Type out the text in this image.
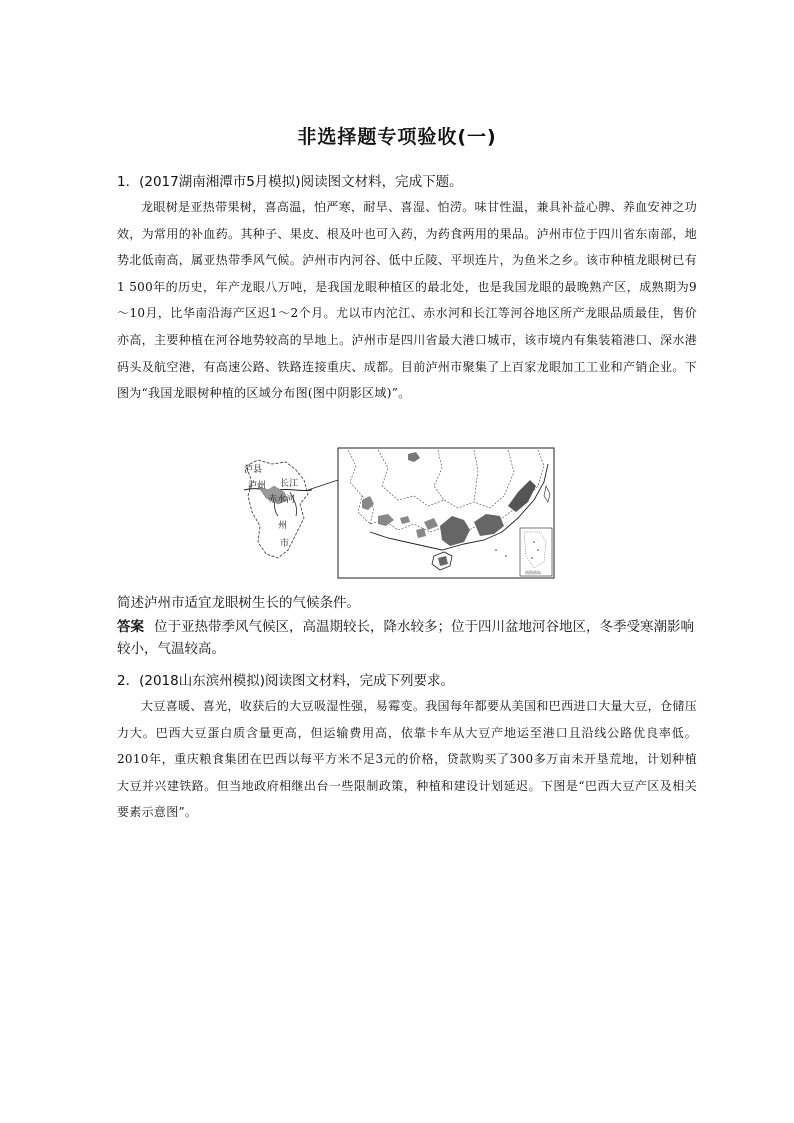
非选择题专项验收(一)
1．(2017湖南湘潭市5月模拟)阅读图文材料，完成下题。

龙眼树是亚热带果树，喜高温，怕严寒，耐旱、喜湿、怕涝。味甘性温，兼具补益心脾、养血安神之功效，为常用的补血药。其种子、果皮、根及叶也可入药，为药食两用的果品。泸州市位于四川省东南部，地势北低南高，属亚热带季风气候。泸州市内河谷、低中丘陵、平坝连片，为鱼米之乡。该市种植龙眼树已有1 500年的历史，年产龙眼八万吨，是我国龙眼种植区的最北处，也是我国龙眼的最晚熟产区，成熟期为9～10月，比华南沿海产区迟1～2个月。尤以市内沱江、赤水河和长江等河谷地区所产龙眼品质最佳，售价亦高，主要种植在河谷地势较高的旱地上。泸州市是四川省最大港口城市，该市境内有集装箱港口、深水港码头及航空港，有高速公路、铁路连接重庆、成都。目前泸州市聚集了上百家龙眼加工工业和产销企业。下图为“我国龙眼树种植的区域分布图(图中阴影区域)”。

泸县
泸州 长江
赤水河
州
市
南海诸岛
简述泸州市适宜龙眼树生长的气候条件。
答案 位于亚热带季风气候区，高温期较长，降水较多；位于四川盆地河谷地区，冬季受寒潮影响较小，气温较高。
2．(2018山东滨州模拟)阅读图文材料，完成下列要求。

大豆喜暖、喜光，收获后的大豆吸湿性强，易霉变。我国每年都要从美国和巴西进口大量大豆，仓储压力大。巴西大豆蛋白质含量更高，但运输费用高，依靠卡车从大豆产地运至港口且沿线公路优良率低。2010年，重庆粮食集团在巴西以每平方米不足3元的价格，贷款购买了300多万亩未开垦荒地，计划种植大豆并兴建铁路。但当地政府相继出台一些限制政策，种植和建设计划延迟。下图是“巴西大豆产区及相关要素示意图”。
